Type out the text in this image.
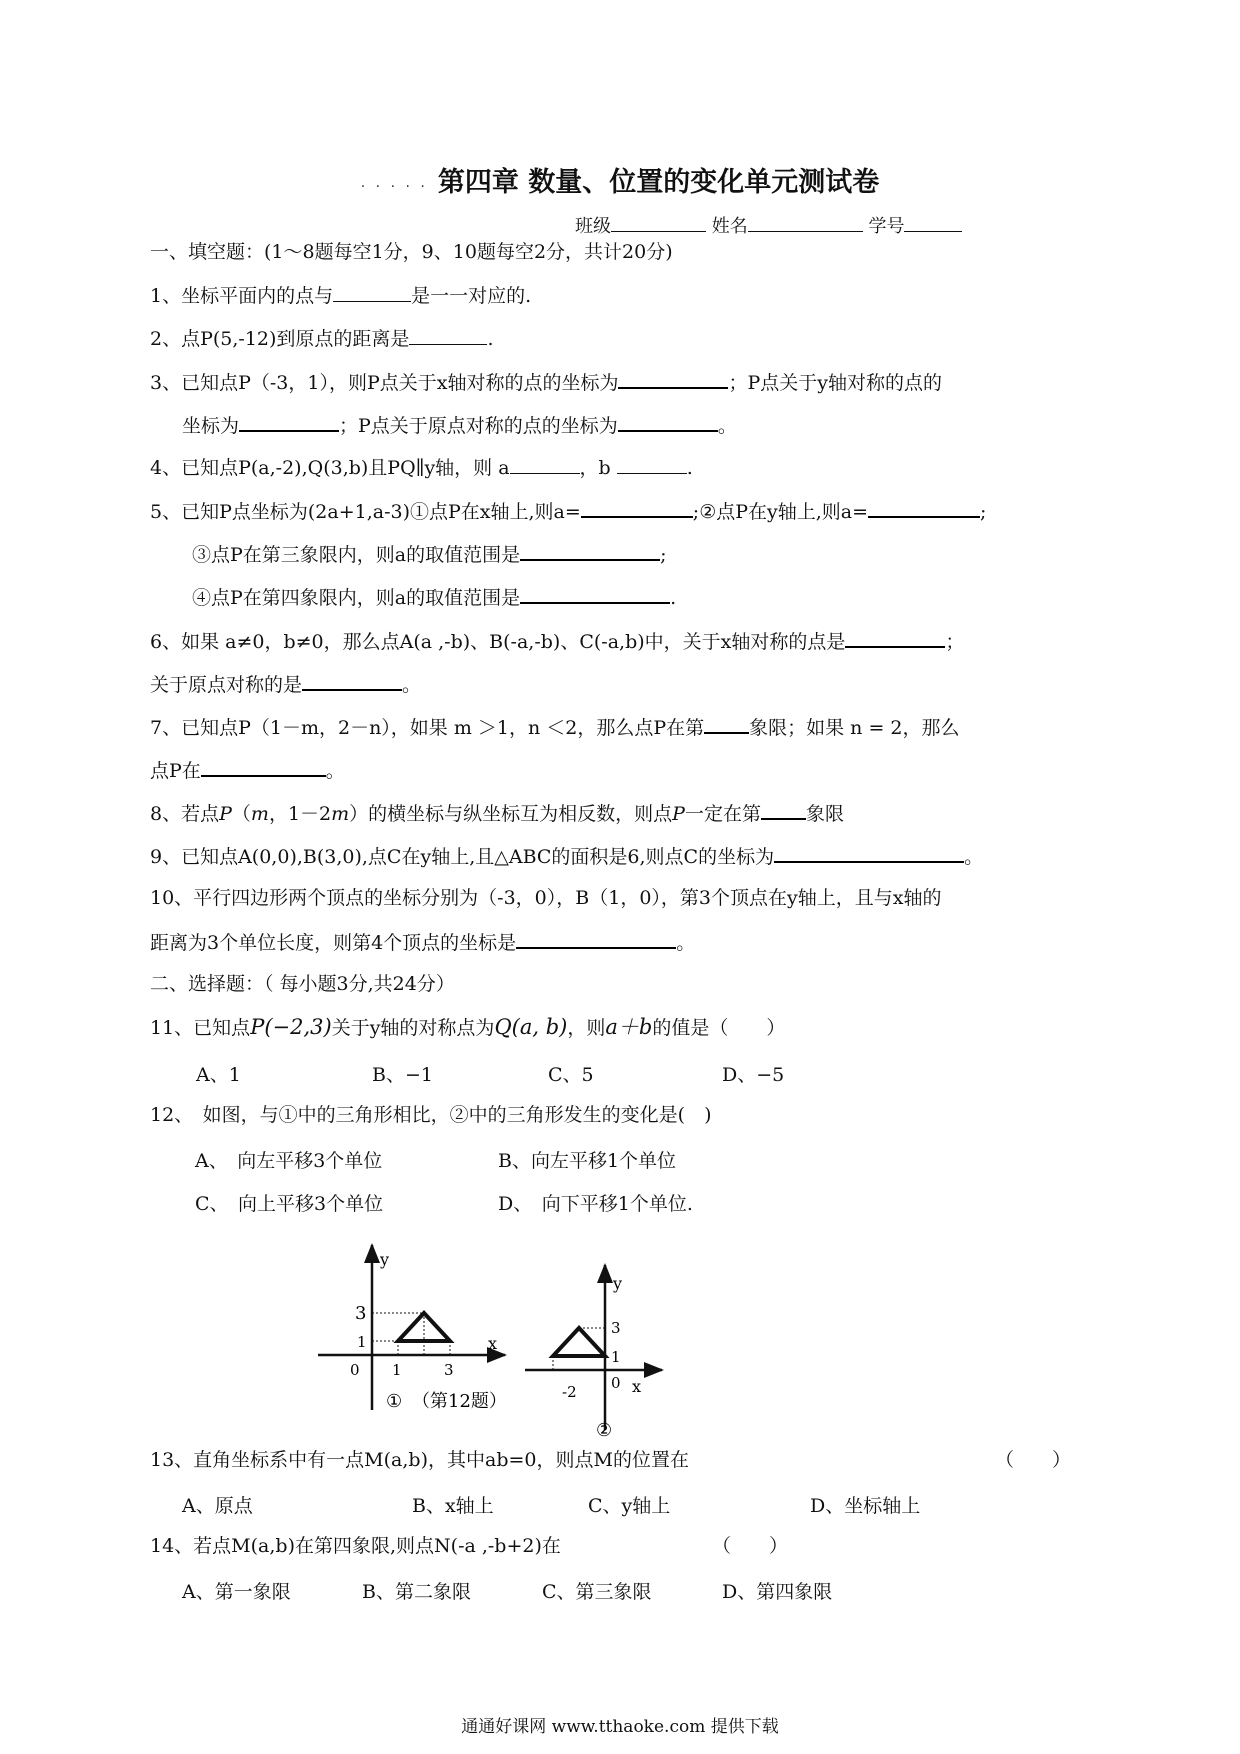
· · · · · 第四章 数量、位置的变化单元测试卷
班级	姓名	学号
一、填空题：(1～8题每空1分，9、10题每空2分，共计20分)
1、坐标平面内的点与	是一一对应的.
2、点P(5,-12)到原点的距离是	.
3、已知点P（-3，1），则P点关于x轴对称的点的坐标为	；P点关于y轴对称的点的
坐标为	；P点关于原点对称的点的坐标为	。
4、已知点P(a,-2),Q(3,b)且PQ∥y轴，则 a	，b	.
5、已知P点坐标为(2a+1,a-3)①点P在x轴上,则a=	;②点P在y轴上,则a=	;
③点P在第三象限内，则a的取值范围是	;
④点P在第四象限内，则a的取值范围是	.
6、如果 a≠0，b≠0，那么点A(a ,-b)、B(-a,-b)、C(-a,b)中，关于x轴对称的点是	；
关于原点对称的是	。
7、已知点P（1－m，2－n），如果 m ＞1，n ＜2，那么点P在第 象限；如果 n = 2，那么
点P在	。
8、若点P（m，1－2m）的横坐标与纵坐标互为相反数，则点P一定在第 象限
9、已知点A(0,0),B(3,0),点C在y轴上,且△ABC的面积是6,则点C的坐标为	。
10、平行四边形两个顶点的坐标分别为（-3，0），B（1，0），第3个顶点在y轴上，且与x轴的
距离为3个单位长度，则第4个顶点的坐标是	。
二、选择题：（ 每小题3分,共24分）
11、已知点P(−2,3)关于y轴的对称点为Q(a, b)，则a＋b的值是（　　）
A、1	B、−1	C、5	D、−5
12、　如图，与①中的三角形相比，②中的三角形发生的变化是(　)
A、　向左平移3个单位	B、向左平移1个单位
C、　向上平移3个单位	D、　向下平移1个单位.
y
x
0
3
1
1	3
① （第12题）
y
x
0
3
1
-2
②
13、直角坐标系中有一点M(a,b)，其中ab=0，则点M的位置在	（　　）
A、原点	B、x轴上	C、y轴上	D、坐标轴上
14、若点M(a,b)在第四象限,则点N(-a ,-b+2)在	（　　）
A、第一象限	B、第二象限	C、第三象限	D、第四象限
通通好课网 www.tthaoke.com 提供下载
